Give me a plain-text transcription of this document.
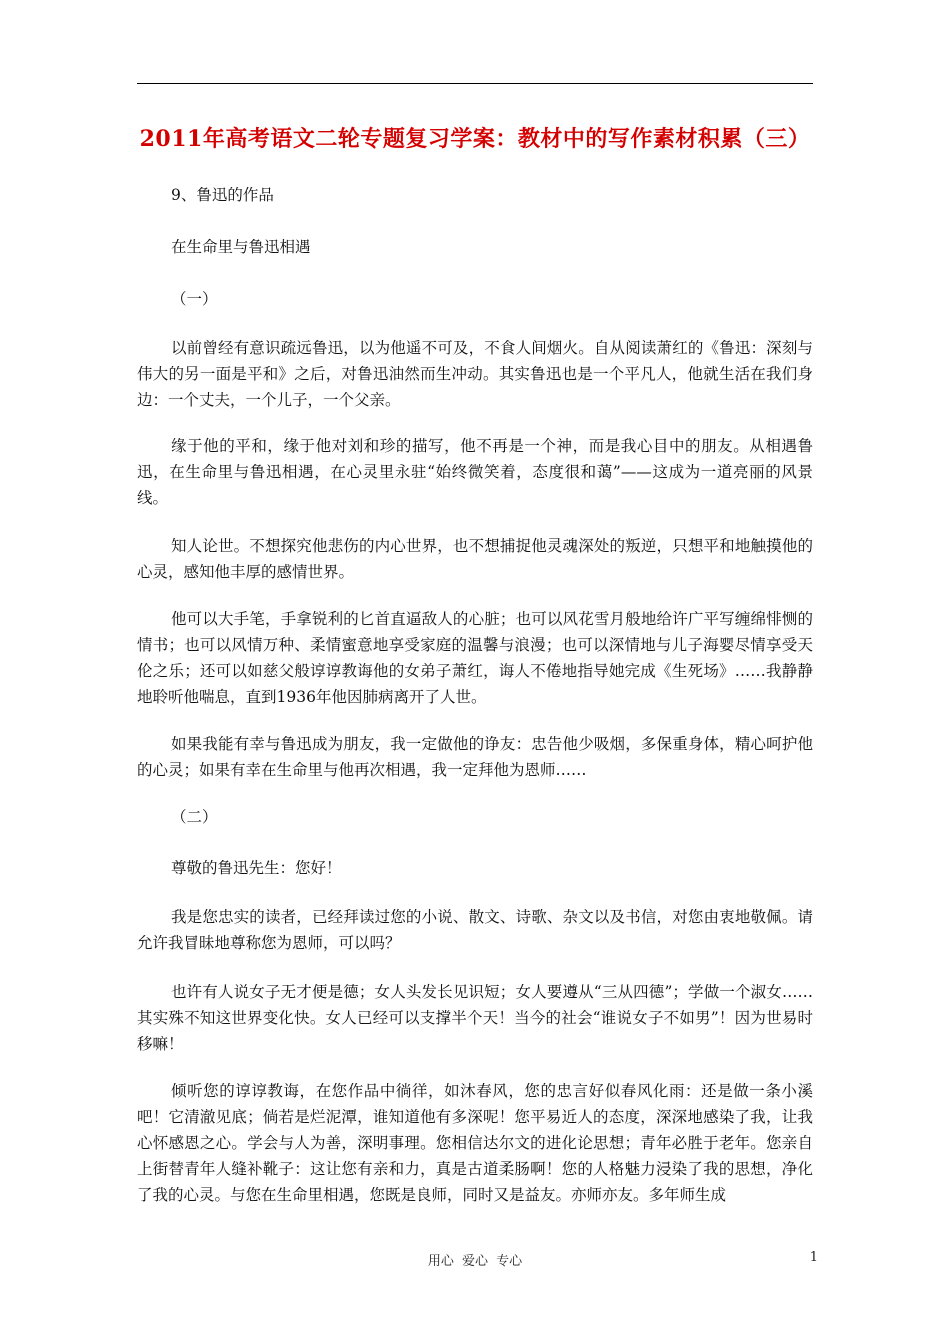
2011年高考语文二轮专题复习学案：教材中的写作素材积累（三）

9、鲁迅的作品

在生命里与鲁迅相遇

（一）

以前曾经有意识疏远鲁迅，以为他遥不可及，不食人间烟火。自从阅读萧红的《鲁迅：深刻与伟大的另一面是平和》之后，对鲁迅油然而生冲动。其实鲁迅也是一个平凡人，他就生活在我们身边：一个丈夫，一个儿子，一个父亲。

缘于他的平和，缘于他对刘和珍的描写，他不再是一个神，而是我心目中的朋友。从相遇鲁迅，在生命里与鲁迅相遇，在心灵里永驻“始终微笑着，态度很和蔼”——这成为一道亮丽的风景线。

知人论世。不想探究他悲伤的内心世界，也不想捕捉他灵魂深处的叛逆，只想平和地触摸他的心灵，感知他丰厚的感情世界。

他可以大手笔，手拿锐利的匕首直逼敌人的心脏；也可以风花雪月般地给许广平写缠绵悱恻的情书；也可以风情万种、柔情蜜意地享受家庭的温馨与浪漫；也可以深情地与儿子海婴尽情享受天伦之乐；还可以如慈父般谆谆教诲他的女弟子萧红，诲人不倦地指导她完成《生死场》……我静静地聆听他喘息，直到1936年他因肺病离开了人世。

如果我能有幸与鲁迅成为朋友，我一定做他的诤友：忠告他少吸烟，多保重身体，精心呵护他的心灵；如果有幸在生命里与他再次相遇，我一定拜他为恩师……

（二）

尊敬的鲁迅先生：您好！

我是您忠实的读者，已经拜读过您的小说、散文、诗歌、杂文以及书信，对您由衷地敬佩。请允许我冒昧地尊称您为恩师，可以吗？

也许有人说女子无才便是德；女人头发长见识短；女人要遵从“三从四德”；学做一个淑女……其实殊不知这世界变化快。女人已经可以支撑半个天！当今的社会“谁说女子不如男”！因为世易时移嘛！

倾听您的谆谆教诲，在您作品中徜徉，如沐春风，您的忠言好似春风化雨：还是做一条小溪吧！它清澈见底；倘若是烂泥潭，谁知道他有多深呢！您平易近人的态度，深深地感染了我，让我心怀感恩之心。学会与人为善，深明事理。您相信达尔文的进化论思想；青年必胜于老年。您亲自上街替青年人缝补靴子：这让您有亲和力，真是古道柔肠啊！您的人格魅力浸染了我的思想，净化了我的心灵。与您在生命里相遇，您既是良师，同时又是益友。亦师亦友。多年师生成

用心 爱心 专心	1
